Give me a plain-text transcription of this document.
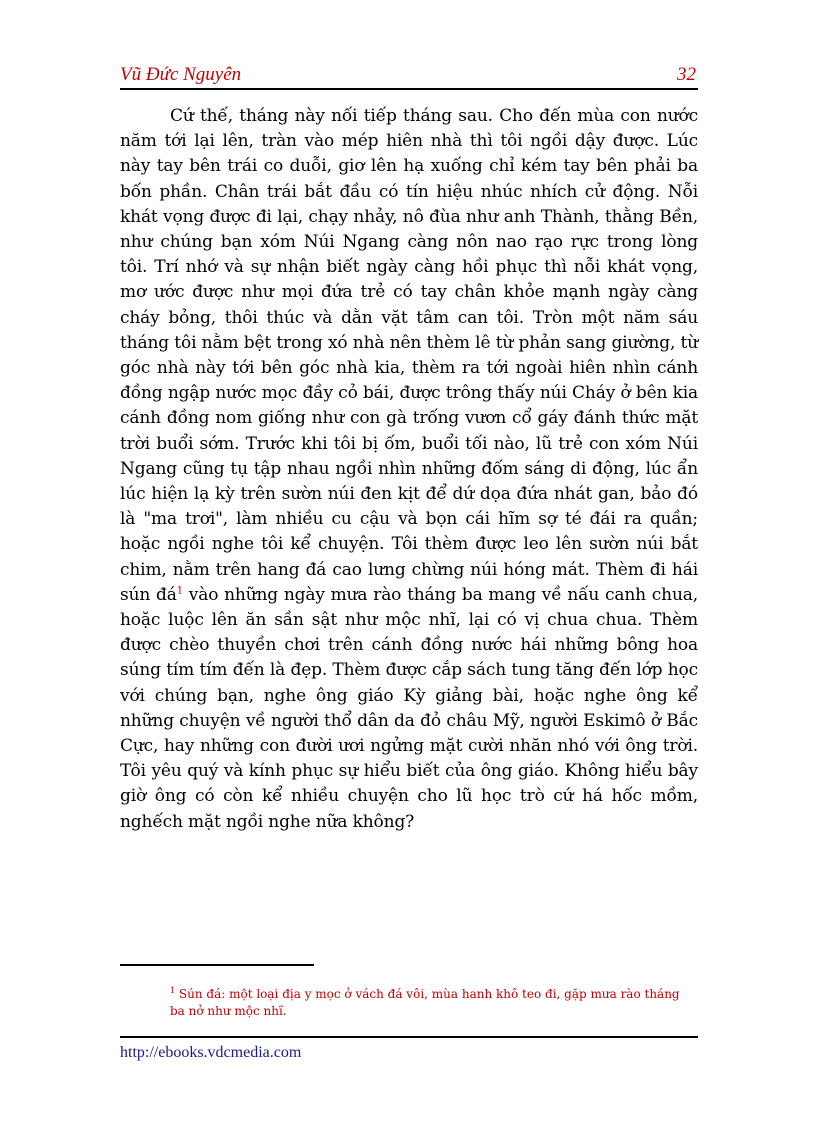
Vũ Đức Nguyên	32

Cứ thế, tháng này nối tiếp tháng sau. Cho đến mùa con nước năm tới lại lên, tràn vào mép hiên nhà thì tôi ngồi dậy được. Lúc này tay bên trái co duỗi, giơ lên hạ xuống chỉ kém tay bên phải ba bốn phần. Chân trái bắt đầu có tín hiệu nhúc nhích cử động. Nỗi khát vọng được đi lại, chạy nhảy, nô đùa như anh Thành, thằng Bền, như chúng bạn xóm Núi Ngang càng nôn nao rạo rực trong lòng tôi. Trí nhớ và sự nhận biết ngày càng hồi phục thì nỗi khát vọng, mơ ước được như mọi đứa trẻ có tay chân khỏe mạnh ngày càng cháy bỏng, thôi thúc và dằn vặt tâm can tôi. Tròn một năm sáu tháng tôi nằm bệt trong xó nhà nên thèm lê từ phản sang giường, từ góc nhà này tới bên góc nhà kia, thèm ra tới ngoài hiên nhìn cánh đồng ngập nước mọc đầy cỏ bái, được trông thấy núi Cháy ở bên kia cánh đồng nom giống như con gà trống vươn cổ gáy đánh thức mặt trời buổi sớm. Trước khi tôi bị ốm, buổi tối nào, lũ trẻ con xóm Núi Ngang cũng tụ tập nhau ngồi nhìn những đốm sáng di động, lúc ẩn lúc hiện lạ kỳ trên sườn núi đen kịt để dứ dọa đứa nhát gan, bảo đó là "ma trơi", làm nhiều cu cậu và bọn cái hĩm sợ té đái ra quần; hoặc ngồi nghe tôi kể chuyện. Tôi thèm được leo lên sườn núi bắt chim, nằm trên hang đá cao lưng chừng núi hóng mát. Thèm đi hái sún đá$^1$ vào những ngày mưa rào tháng ba mang về nấu canh chua, hoặc luộc lên ăn sần sật như mộc nhĩ, lại có vị chua chua. Thèm được chèo thuyền chơi trên cánh đồng nước hái những bông hoa súng tím tím đến là đẹp. Thèm được cắp sách tung tăng đến lớp học với chúng bạn, nghe ông giáo Kỳ giảng bài, hoặc nghe ông kể những chuyện về người thổ dân da đỏ châu Mỹ, người Eskimô ở Bắc Cực, hay những con đười ươi ngửng mặt cười nhăn nhó với ông trời. Tôi yêu quý và kính phục sự hiểu biết của ông giáo. Không hiểu bây giờ ông có còn kể nhiều chuyện cho lũ học trò cứ há hốc mồm, nghếch mặt ngồi nghe nữa không?

$^1$ Sún đá: một loại địa y mọc ở vách đá vôi, mùa hanh khô teo đi, gặp mưa rào tháng ba nở như mộc nhĩ.

http://ebooks.vdcmedia.com
